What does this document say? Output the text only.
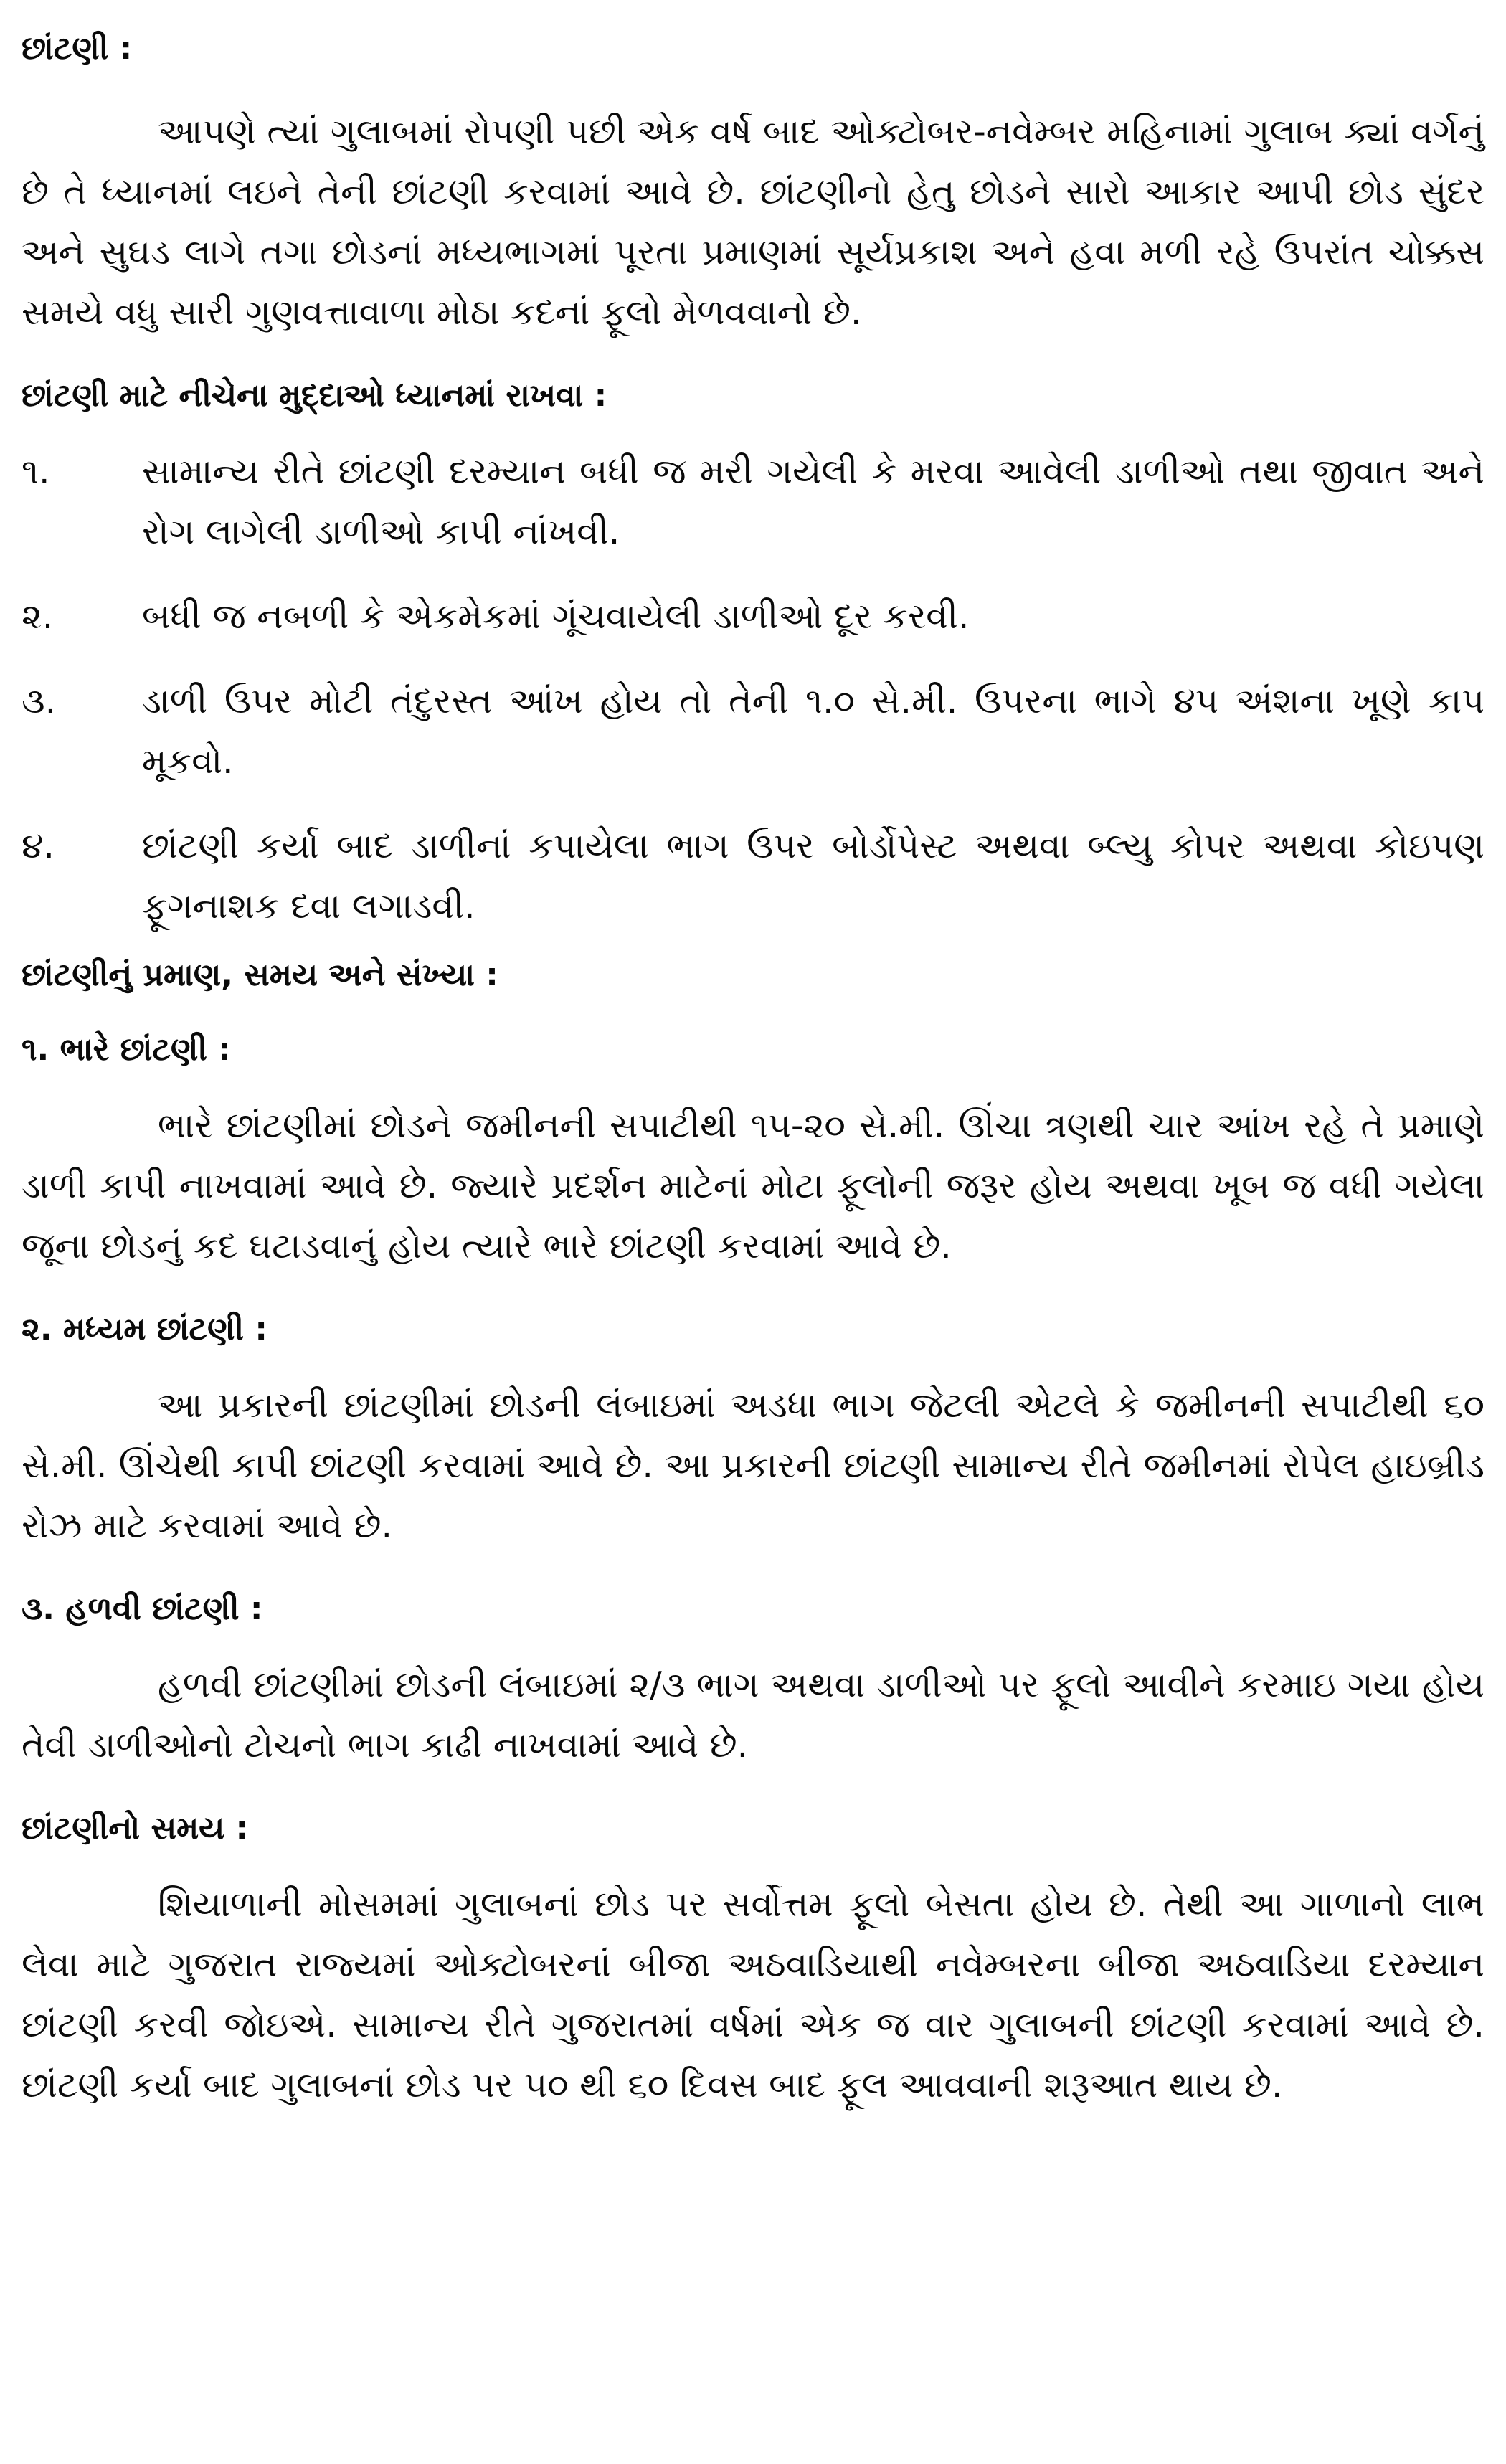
છાંટણી :

આપણે ત્યાં ગુલાબમાં રોપણી પછી એક વર્ષ બાદ ઓક્ટોબર-નવેમ્બર મહિનામાં ગુલાબ ક્યાં વર્ગનું છે તે ધ્યાનમાં લઇને તેની છાંટણી કરવામાં આવે છે. છાંટણીનો હેતુ છોડને સારો આકાર આપી છોડ સુંદર અને સુઘડ લાગે તગા છોડનાં મધ્યભાગમાં પૂરતા પ્રમાણમાં સૂર્યપ્રકાશ અને હવા મળી રહે ઉપરાંત ચોક્કસ સમયે વધુ સારી ગુણવત્તાવાળા મોઠા કદનાં ફૂલો મેળવવાનો છે.

છાંટણી માટે નીચેના મુદ્દાઓ ધ્યાનમાં રાખવા :
૧.	સામાન્ય રીતે છાંટણી દરમ્યાન બધી જ મરી ગયેલી કે મરવા આવેલી ડાળીઓ તથા જીવાત અને રોગ લાગેલી ડાળીઓ કાપી નાંખવી.
૨.	બધી જ નબળી કે એકમેકમાં ગૂંચવાયેલી ડાળીઓ દૂર કરવી.
૩.	ડાળી ઉપર મોટી તંદુરસ્ત આંખ હોય તો તેની ૧.૦ સે.મી. ઉપરના ભાગે ૪૫ અંશના ખૂણે કાપ મૂકવો.
૪.	છાંટણી કર્યા બાદ ડાળીનાં કપાયેલા ભાગ ઉપર બોર્ડોપેસ્ટ અથવા બ્લ્યુ કોપર અથવા કોઇપણ ફૂગનાશક દવા લગાડવી.
છાંટણીનું પ્રમાણ, સમય અને સંખ્યા :
૧. ભારે છાંટણી :

ભારે છાંટણીમાં છોડને જમીનની સપાટીથી ૧૫-૨૦ સે.મી. ઊંચા ત્રણથી ચાર આંખ રહે તે પ્રમાણે ડાળી કાપી નાખવામાં આવે છે. જ્યારે પ્રદર્શન માટેનાં મોટા ફૂલોની જરૂર હોય અથવા ખૂબ જ વધી ગયેલા જૂના છોડનું કદ ઘટાડવાનું હોય ત્યારે ભારે છાંટણી કરવામાં આવે છે.

૨. મધ્યમ છાંટણી :

આ પ્રકારની છાંટણીમાં છોડની લંબાઇમાં અડધા ભાગ જેટલી એટલે કે જમીનની સપાટીથી ૬૦ સે.મી. ઊંચેથી કાપી છાંટણી કરવામાં આવે છે. આ પ્રકારની છાંટણી સામાન્ય રીતે જમીનમાં રોપેલ હાઇબ્રીડ રોઝ માટે કરવામાં આવે છે.

૩. હળવી છાંટણી :

હળવી છાંટણીમાં છોડની લંબાઇમાં ૨/૩ ભાગ અથવા ડાળીઓ પર ફૂલો આવીને કરમાઇ ગયા હોય તેવી ડાળીઓનો ટોચનો ભાગ કાઢી નાખવામાં આવે છે.

છાંટણીનો સમય :

શિયાળાની મોસમમાં ગુલાબનાં છોડ પર સર્વોત્તમ ફૂલો બેસતા હોય છે. તેથી આ ગાળાનો લાભ લેવા માટે ગુજરાત રાજ્યમાં ઓક્ટોબરનાં બીજા અઠવાડિયાથી નવેમ્બરના બીજા અઠવાડિયા દરમ્યાન છાંટણી કરવી જોઇએ. સામાન્ય રીતે ગુજરાતમાં વર્ષમાં એક જ વાર ગુલાબની છાંટણી કરવામાં આવે છે. છાંટણી કર્યા બાદ ગુલાબનાં છોડ પર ૫૦ થી ૬૦ દિવસ બાદ ફૂલ આવવાની શરૂઆત થાય છે.
